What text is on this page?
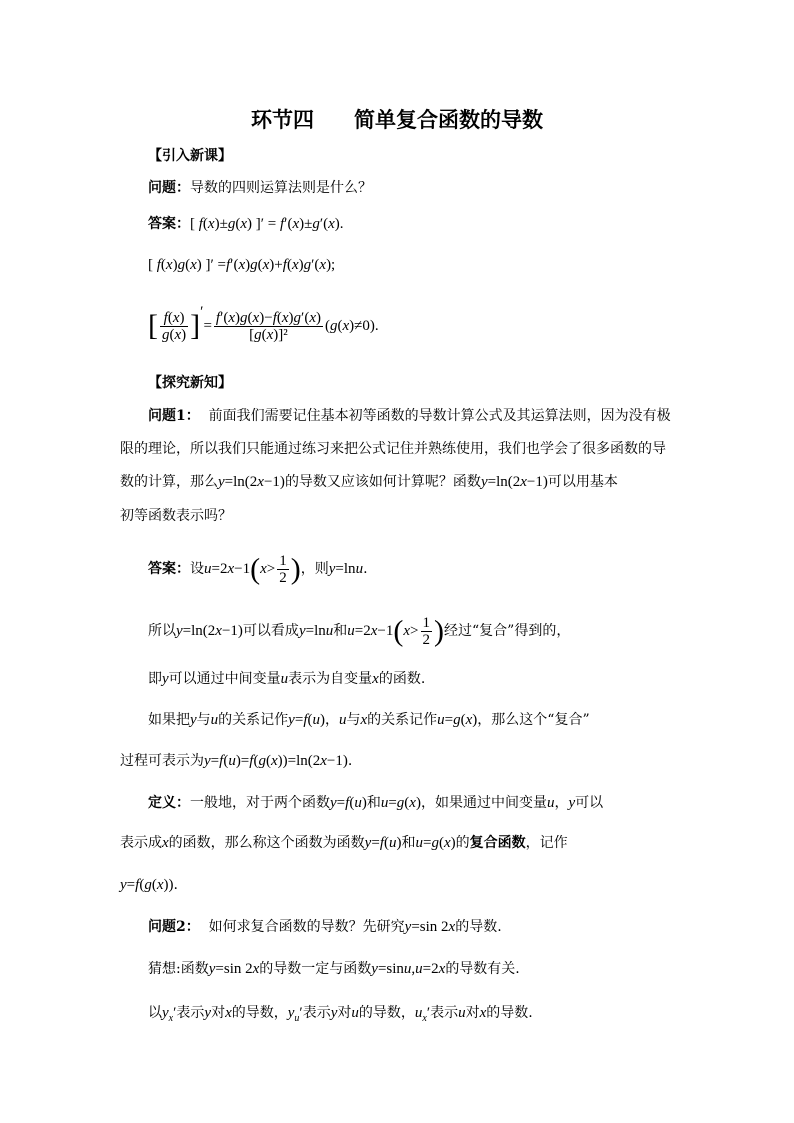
环节四 简单复合函数的导数
【引入新课】
问题：导数的四则运算法则是什么？
答案：[ f(x)±g(x) ]′ = f′(x)±g′(x).
[ f(x)g(x) ]′ =f′(x)g(x)+f(x)g′(x);
[ $\frac{f(x)}{g(x)}$ ]′= $\frac{f'(x)g(x)-f(x)g'(x)}{\text{[g(x)]²}} (g(x)\ne 0)$.
【探究新知】
问题1： 前面我们需要记住基本初等函数的导数计算公式及其运算法则，因为没有极
限的理论，所以我们只能通过练习来把公式记住并熟练使用，我们也学会了很多函数的导
数的计算，那么y=ln(2x−1)的导数又应该如何计算呢？函数y=ln(2x−1)可以用基本
初等函数表示吗？
答案：设$u=2x-1(x> \frac{1}{2}$ )，则y=lnu.
所以y=ln(2x−1)可以看成y=lnu和$u=2x-1(x> \frac{1}{2}$ )经过“复合”得到的，
即y可以通过中间变量u表示为自变量x的函数.
如果把y与u的关系记作y=f(u)，u与x的关系记作u=g(x)，那么这个“复合”
过程可表示为y=f(u)=f(g(x))=ln(2x−1).
定义：一般地，对于两个函数y=f(u)和u=g(x)，如果通过中间变量u，y可以
表示成x的函数，那么称这个函数为函数y=f(u)和u=g(x)的复合函数，记作
y=f(g(x)).
问题2： 如何求复合函数的导数？先研究y=sin 2x的导数.
猜想:函数y=sin 2x的导数一定与函数y=sinu,u=2x的导数有关.
以$y_x'$表示y对x的导数，$y_u'$表示y对u的导数，$u_x'$表示u对x的导数.
